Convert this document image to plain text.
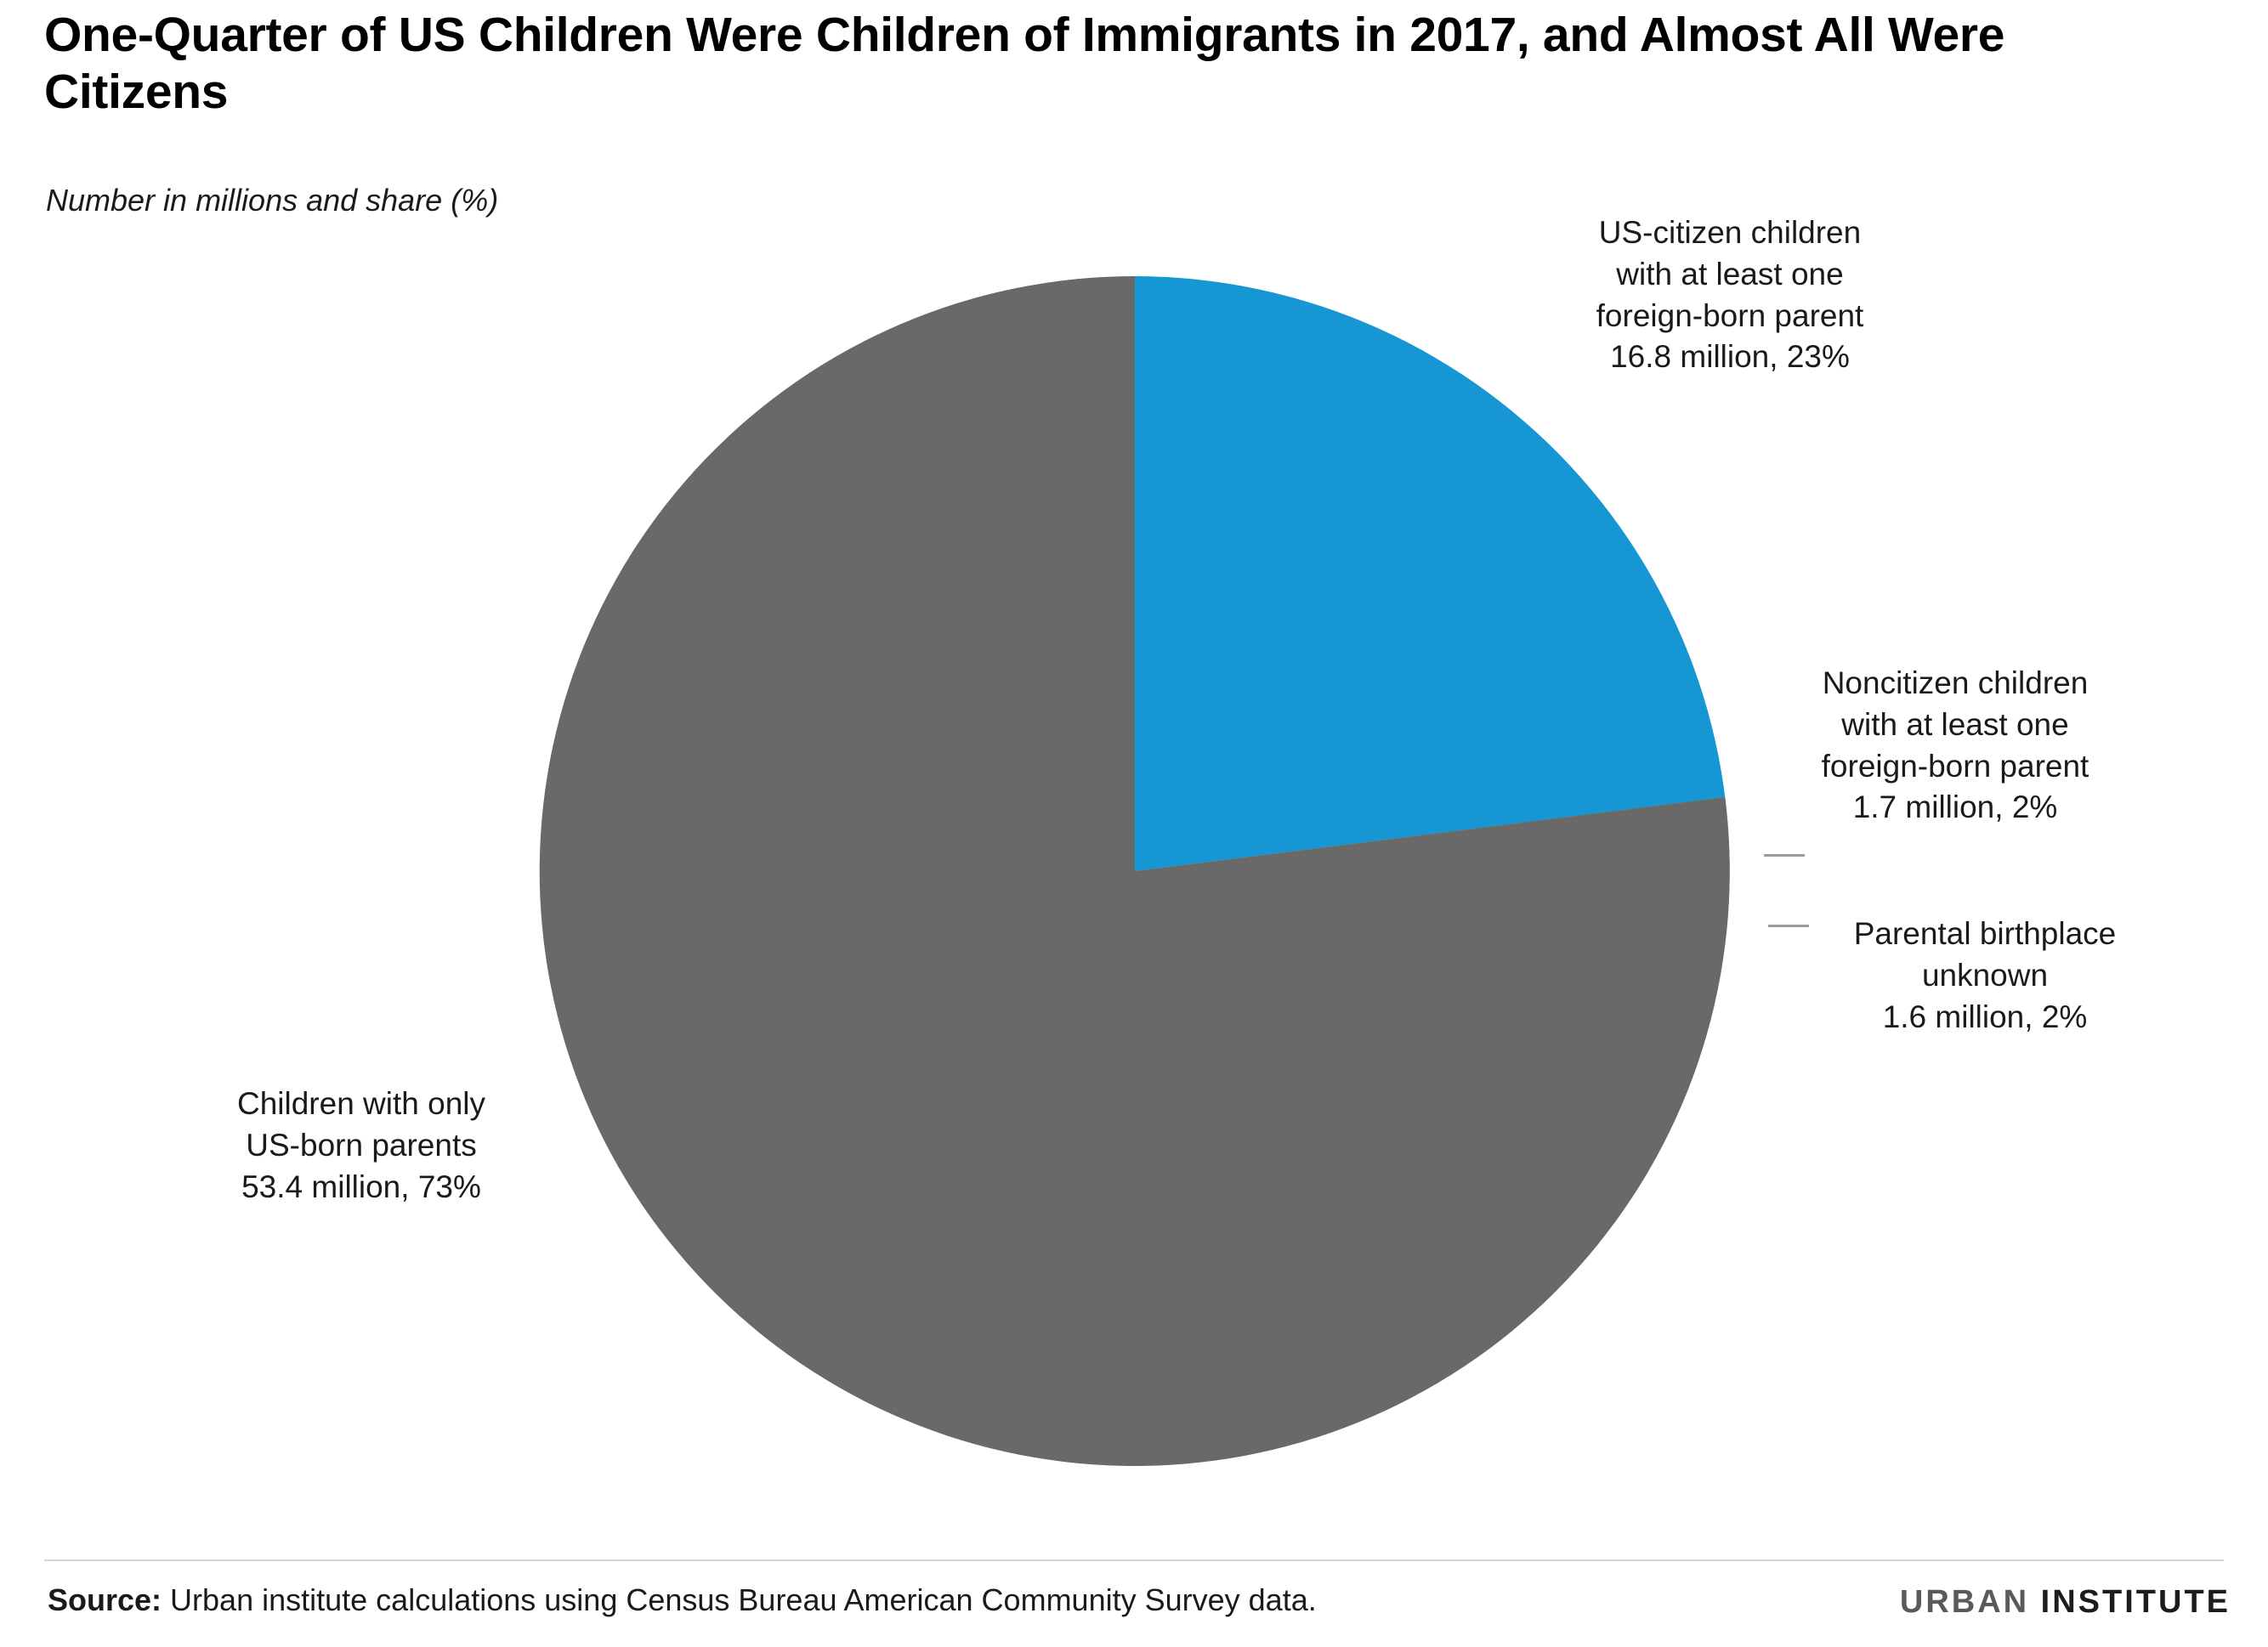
One-Quarter of US Children Were Children of Immigrants in 2017, and Almost All Were Citizens
Number in millions and share (%)
US-citizen children
with at least one
foreign-born parent
16.8 million, 23%
Noncitizen children
with at least one
foreign-born parent
1.7 million, 2%
Parental birthplace
unknown
1.6 million, 2%
Children with only
US-born parents
53.4 million, 73%
Source: Urban institute calculations using Census Bureau American Community Survey data.	URBAN INSTITUTE
